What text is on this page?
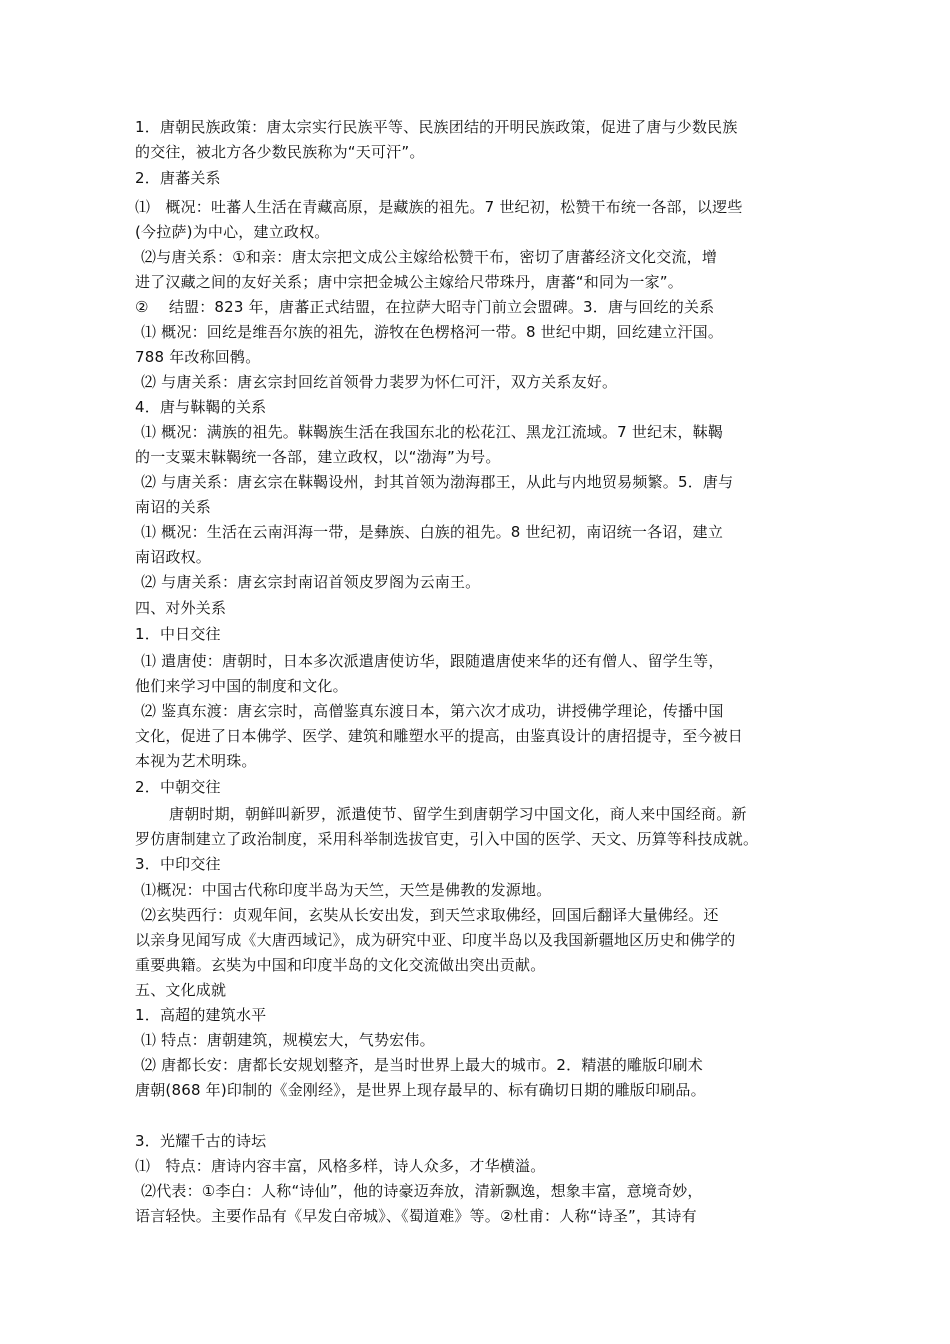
1．唐朝民族政策：唐太宗实行民族平等、民族团结的开明民族政策，促进了唐与少数民族

的交往，被北方各少数民族称为“天可汗”。

2．唐蕃关系

⑴　概况：吐蕃人生活在青藏高原，是藏族的祖先。7 世纪初，松赞干布统一各部，以逻些

(今拉萨)为中心，建立政权。

⑵与唐关系：①和亲：唐太宗把文成公主嫁给松赞干布，密切了唐蕃经济文化交流，增

进了汉藏之间的友好关系；唐中宗把金城公主嫁给尺带珠丹，唐蕃“和同为一家”。

②　 结盟：823 年，唐蕃正式结盟，在拉萨大昭寺门前立会盟碑。3．唐与回纥的关系

⑴ 概况：回纥是维吾尔族的祖先，游牧在色楞格河一带。8 世纪中期，回纥建立汗国。

788 年改称回鹘。

⑵ 与唐关系：唐玄宗封回纥首领骨力裴罗为怀仁可汗，双方关系友好。

4．唐与靺鞨的关系

⑴ 概况：满族的祖先。靺鞨族生活在我国东北的松花江、黑龙江流域。7 世纪末，靺鞨

的一支粟末靺鞨统一各部，建立政权，以“渤海”为号。

⑵ 与唐关系：唐玄宗在靺鞨设州，封其首领为渤海郡王，从此与内地贸易频繁。5．唐与

南诏的关系

⑴ 概况：生活在云南洱海一带，是彝族、白族的祖先。8 世纪初，南诏统一各诏，建立

南诏政权。

⑵ 与唐关系：唐玄宗封南诏首领皮罗阁为云南王。

四、对外关系

1．中日交往

⑴ 遣唐使：唐朝时，日本多次派遣唐使访华，跟随遣唐使来华的还有僧人、留学生等，

他们来学习中国的制度和文化。

⑵ 鉴真东渡：唐玄宗时，高僧鉴真东渡日本，第六次才成功，讲授佛学理论，传播中国

文化，促进了日本佛学、医学、建筑和雕塑水平的提高，由鉴真设计的唐招提寺，至今被日

本视为艺术明珠。

2．中朝交往

唐朝时期，朝鲜叫新罗，派遣使节、留学生到唐朝学习中国文化，商人来中国经商。新

罗仿唐制建立了政治制度，采用科举制选拔官吏，引入中国的医学、天文、历算等科技成就。

3．中印交往

⑴概况：中国古代称印度半岛为天竺，天竺是佛教的发源地。

⑵玄奘西行：贞观年间，玄奘从长安出发，到天竺求取佛经，回国后翻译大量佛经。还

以亲身见闻写成《大唐西域记》，成为研究中亚、印度半岛以及我国新疆地区历史和佛学的

重要典籍。玄奘为中国和印度半岛的文化交流做出突出贡献。

五、文化成就

1．高超的建筑水平

⑴ 特点：唐朝建筑，规模宏大，气势宏伟。

⑵ 唐都长安：唐都长安规划整齐，是当时世界上最大的城市。2．精湛的雕版印刷术

唐朝(868 年)印制的《金刚经》，是世界上现存最早的、标有确切日期的雕版印刷品。

3．光耀千古的诗坛

⑴　特点：唐诗内容丰富，风格多样，诗人众多，才华横溢。

⑵代表：①李白：人称“诗仙”，他的诗豪迈奔放，清新飘逸，想象丰富，意境奇妙，

语言轻快。主要作品有《早发白帝城》、《蜀道难》等。②杜甫：人称“诗圣”，其诗有
